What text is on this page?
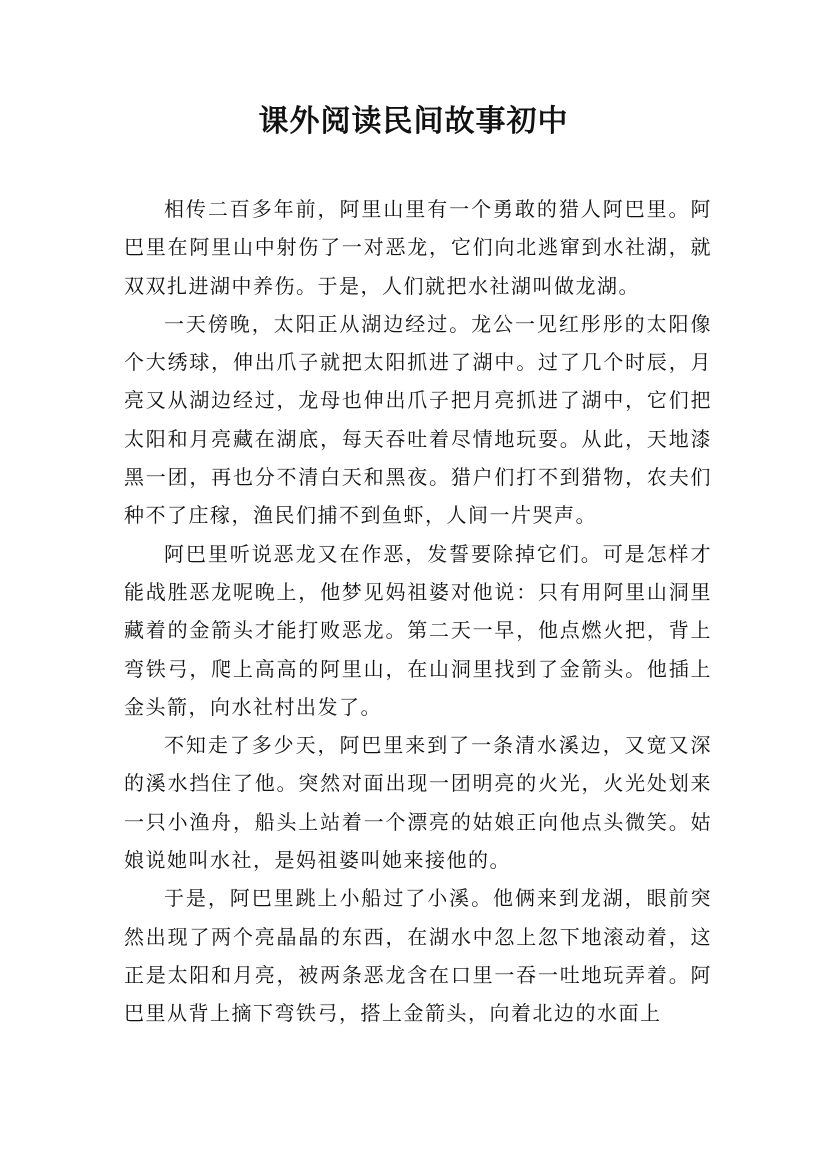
课外阅读民间故事初中

相传二百多年前，阿里山里有一个勇敢的猎人阿巴里。阿巴里在阿里山中射伤了一对恶龙，它们向北逃窜到水社湖，就双双扎进湖中养伤。于是，人们就把水社湖叫做龙湖。

一天傍晚，太阳正从湖边经过。龙公一见红彤彤的太阳像个大绣球，伸出爪子就把太阳抓进了湖中。过了几个时辰，月亮又从湖边经过，龙母也伸出爪子把月亮抓进了湖中，它们把太阳和月亮藏在湖底，每天吞吐着尽情地玩耍。从此，天地漆黑一团，再也分不清白天和黑夜。猎户们打不到猎物，农夫们种不了庄稼，渔民们捕不到鱼虾，人间一片哭声。

阿巴里听说恶龙又在作恶，发誓要除掉它们。可是怎样才能战胜恶龙呢晚上，他梦见妈祖婆对他说：只有用阿里山洞里藏着的金箭头才能打败恶龙。第二天一早，他点燃火把，背上弯铁弓，爬上高高的阿里山，在山洞里找到了金箭头。他插上金头箭，向水社村出发了。

不知走了多少天，阿巴里来到了一条清水溪边，又宽又深的溪水挡住了他。突然对面出现一团明亮的火光，火光处划来一只小渔舟，船头上站着一个漂亮的姑娘正向他点头微笑。姑娘说她叫水社，是妈祖婆叫她来接他的。

于是，阿巴里跳上小船过了小溪。他俩来到龙湖，眼前突然出现了两个亮晶晶的东西，在湖水中忽上忽下地滚动着，这正是太阳和月亮，被两条恶龙含在口里一吞一吐地玩弄着。阿巴里从背上摘下弯铁弓，搭上金箭头，向着北边的水面上
